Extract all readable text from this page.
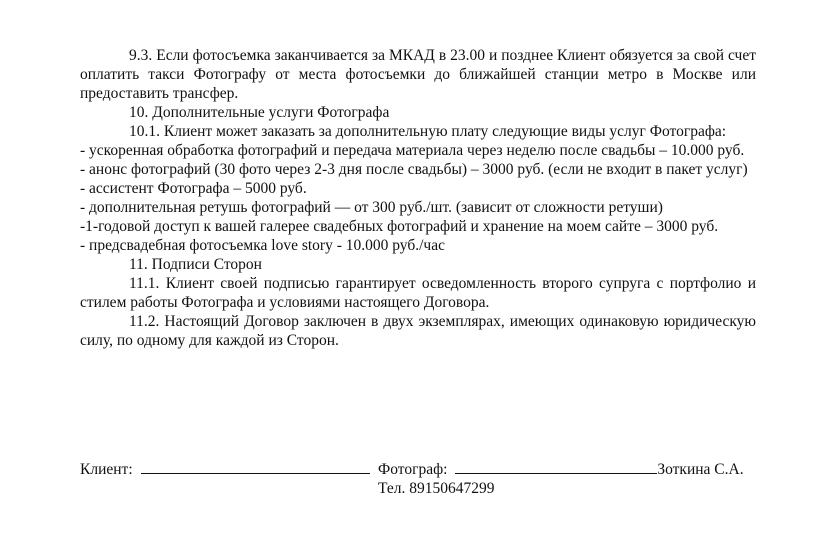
9.3. Если фотосъемка заканчивается за МКАД в 23.00 и позднее Клиент обязуется за свой счет оплатить такси Фотографу от места фотосъемки до ближайшей станции метро в Москве или предоставить трансфер.

10. Дополнительные услуги Фотографа

10.1. Клиент может заказать за дополнительную плату следующие виды услуг Фотографа:

- ускоренная обработка фотографий и передача материала через неделю после свадьбы – 10.000 руб.

- анонс фотографий (30 фото через 2-3 дня после свадьбы) – 3000 руб. (если не входит в пакет услуг)

- ассистент Фотографа – 5000 руб.

- дополнительная ретушь фотографий — от 300 руб./шт. (зависит от сложности ретуши)

-1-годовой доступ к вашей галерее свадебных фотографий и хранение на моем сайте – 3000 руб.

- предсвадебная фотосъемка love story - 10.000 руб./час

11. Подписи Сторон

11.1. Клиент своей подписью гарантирует осведомленность второго супруга с портфолио и стилем работы Фотографа и условиями настоящего Договора.

11.2. Настоящий Договор заключен в двух экземплярах, имеющих одинаковую юридическую силу, по одному для каждой из Сторон.

Клиент:	Фотограф:	Зоткина С.А.
Тел. 89150647299
